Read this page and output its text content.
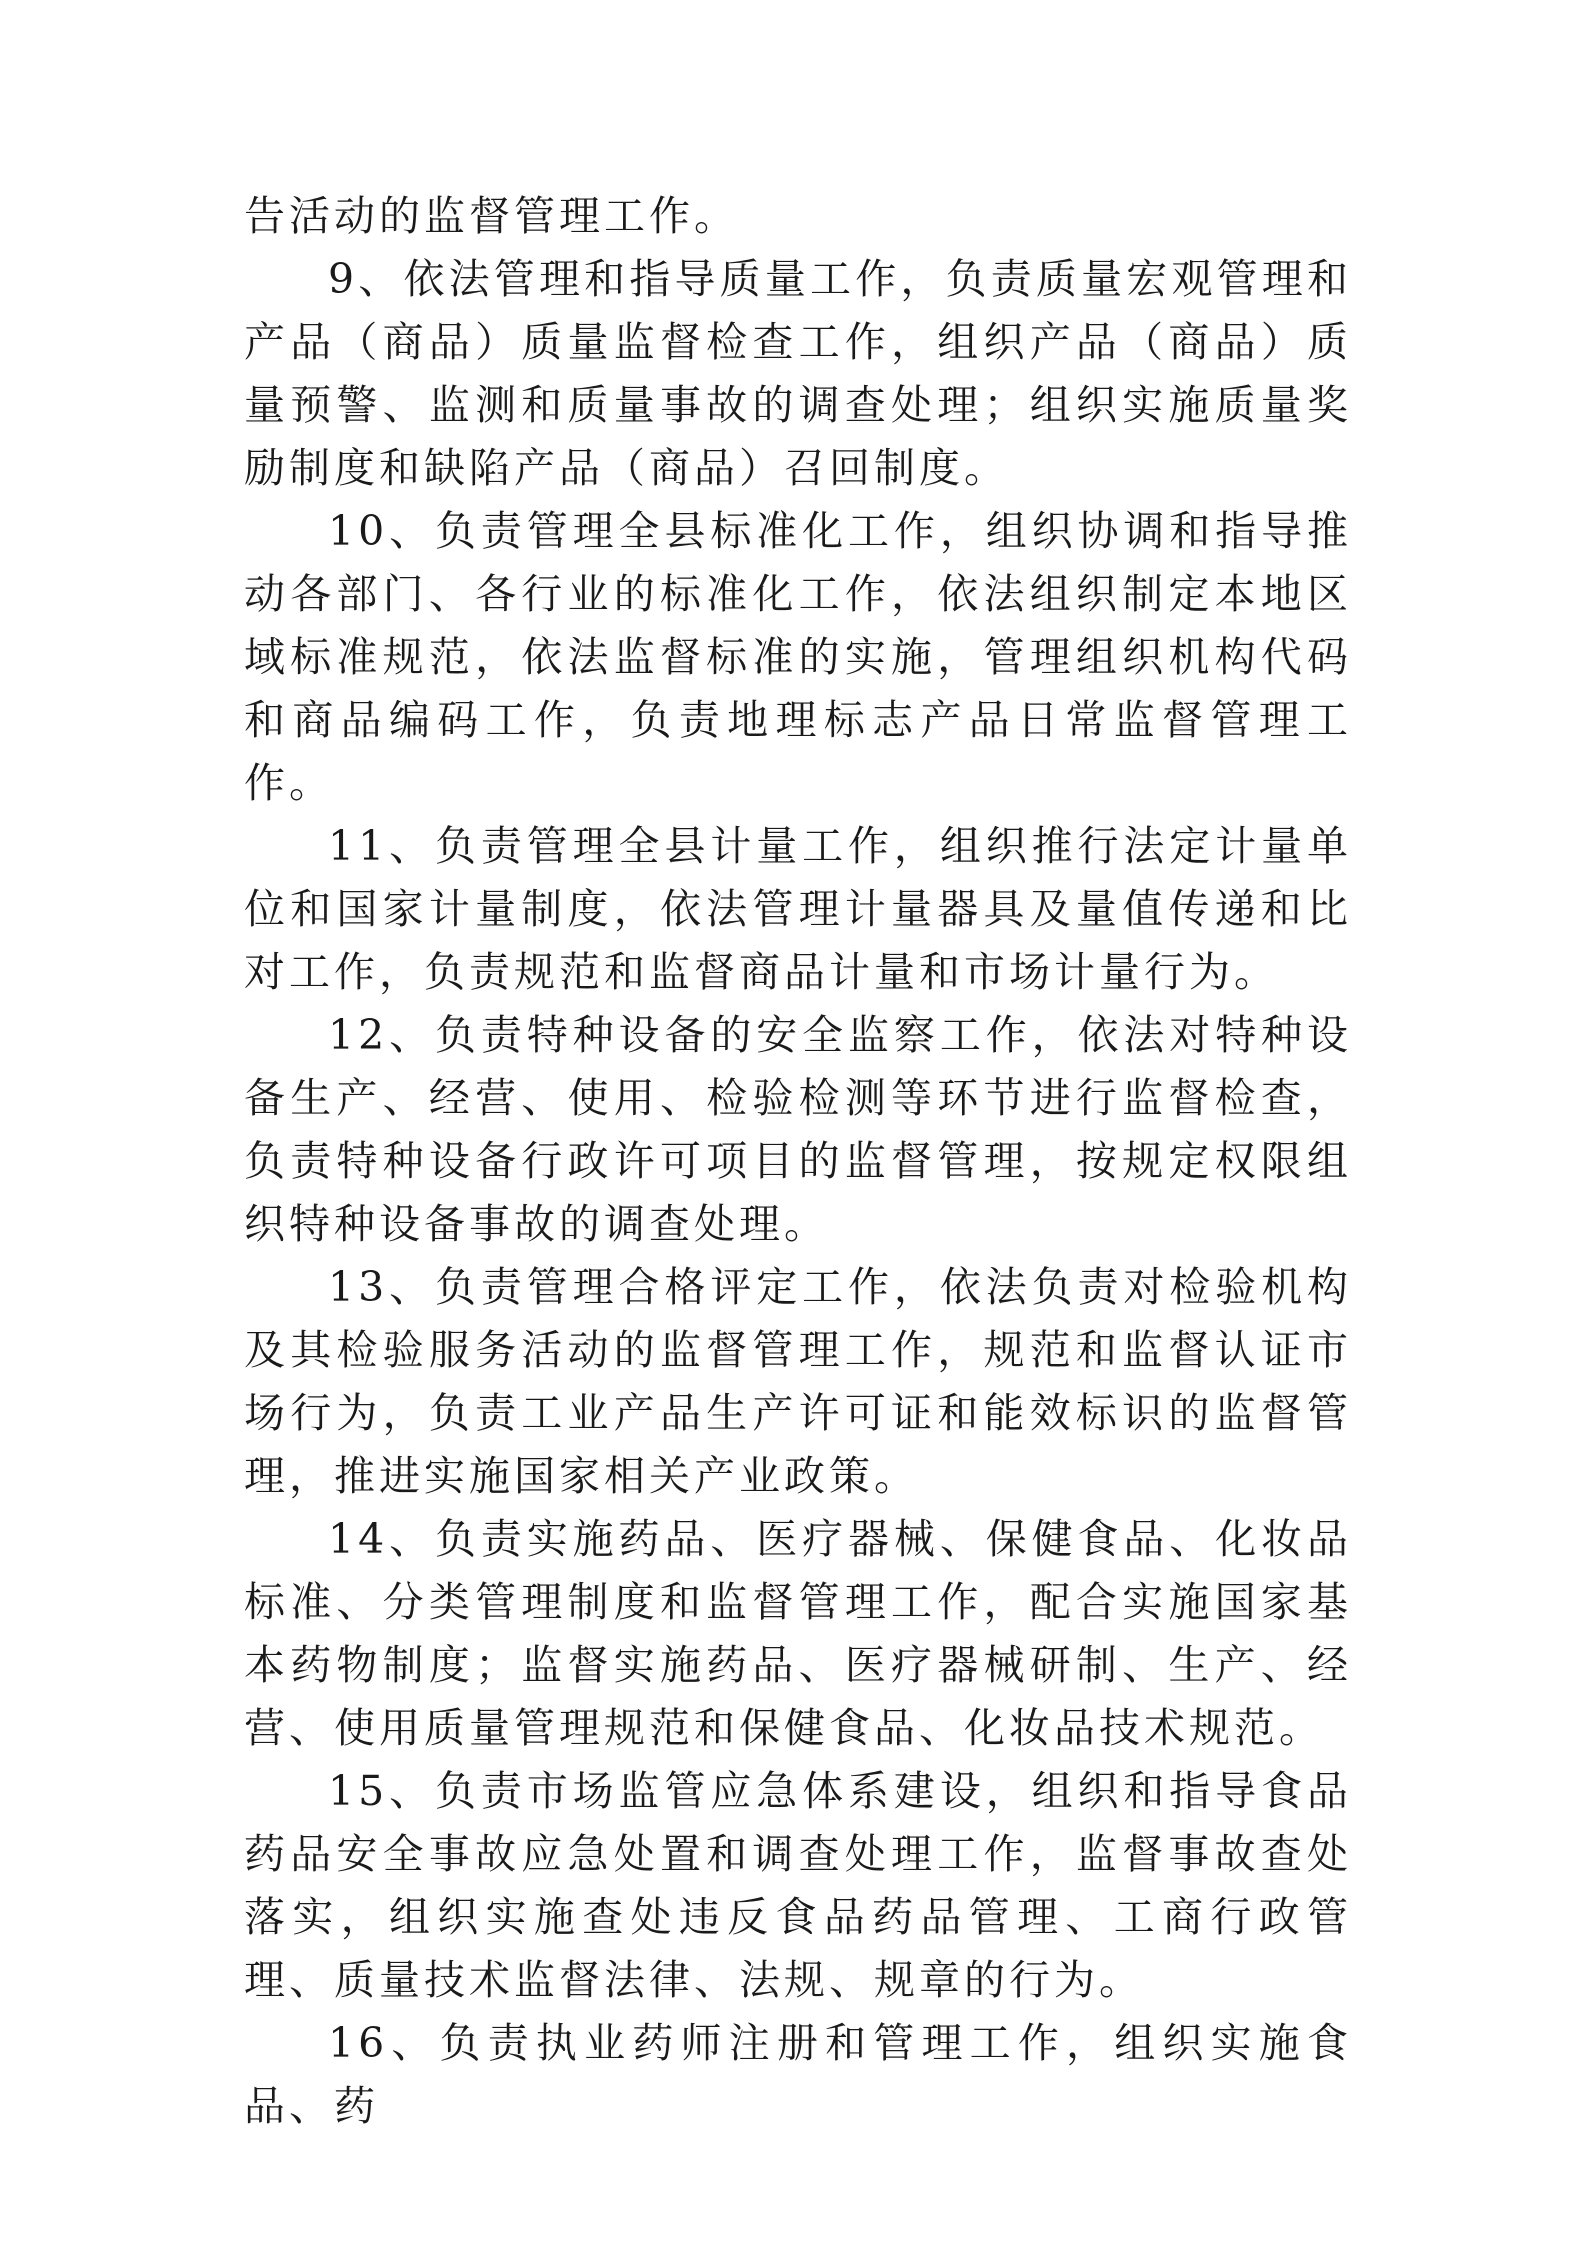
告活动的监督管理工作。

9、依法管理和指导质量工作，负责质量宏观管理和产品（商品）质量监督检查工作，组织产品（商品）质量预警、监测和质量事故的调查处理；组织实施质量奖励制度和缺陷产品（商品）召回制度。

10、负责管理全县标准化工作，组织协调和指导推动各部门、各行业的标准化工作，依法组织制定本地区域标准规范，依法监督标准的实施，管理组织机构代码和商品编码工作，负责地理标志产品日常监督管理工作。

11、负责管理全县计量工作，组织推行法定计量单位和国家计量制度，依法管理计量器具及量值传递和比对工作，负责规范和监督商品计量和市场计量行为。

12、负责特种设备的安全监察工作，依法对特种设备生产、经营、使用、检验检测等环节进行监督检查，负责特种设备行政许可项目的监督管理，按规定权限组织特种设备事故的调查处理。

13、负责管理合格评定工作，依法负责对检验机构及其检验服务活动的监督管理工作，规范和监督认证市场行为，负责工业产品生产许可证和能效标识的监督管理，推进实施国家相关产业政策。

14、负责实施药品、医疗器械、保健食品、化妆品标准、分类管理制度和监督管理工作，配合实施国家基本药物制度；监督实施药品、医疗器械研制、生产、经营、使用质量管理规范和保健食品、化妆品技术规范。

15、负责市场监管应急体系建设，组织和指导食品药品安全事故应急处置和调查处理工作，监督事故查处落实，组织实施查处违反食品药品管理、工商行政管理、质量技术监督法律、法规、规章的行为。

16、负责执业药师注册和管理工作，组织实施食品、药
